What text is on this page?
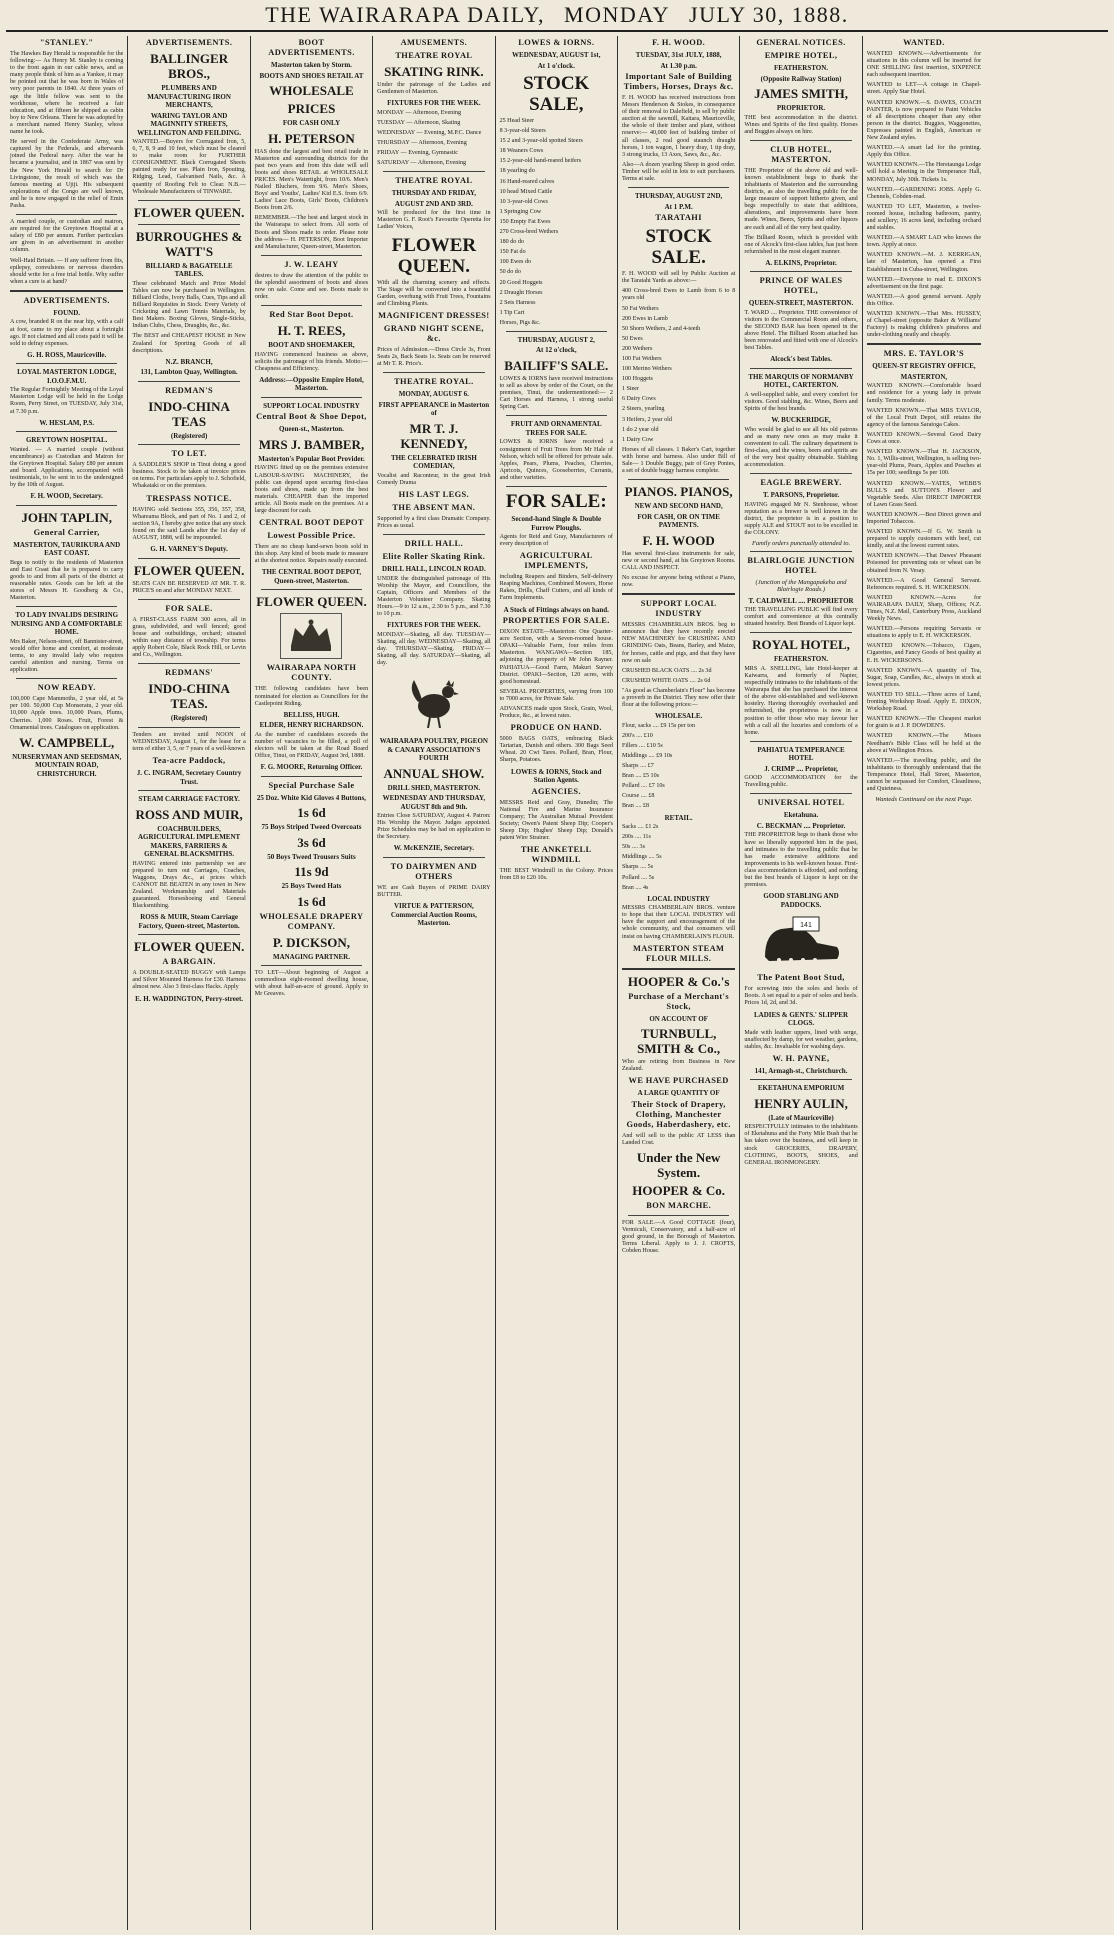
THE WAIRARAPA DAILY, MONDAY JULY 30, 1888.
"STANLEY."

The Hawkes Bay Herald is responsible for the following:— As Henry M. Stanley is coming to the front again in our cable news, and as many people think of him as a Yankee, it may be pointed out that he was born in Wales of very poor parents in 1840. At three years of age the little fellow was sent to the workhouse, where he received a fair education, and at fifteen he shipped as cabin boy to New Orleans. There he was adopted by a merchant named Henry Stanley, whose name he took.

He served in the Confederate Army, was captured by the Federals, and afterwards joined the Federal navy. After the war he became a journalist, and in 1867 was sent by the New York Herald to search for Dr Livingstone, the result of which was the famous meeting at Ujiji. His subsequent explorations of the Congo are well known, and he is now engaged in the relief of Emin Pasha.

A married couple, or custodian and matron, are required for the Greytown Hospital at a salary of £80 per annum. Further particulars are given in an advertisement in another column.

Well-Haid Britain. — If any sufferer from fits, epilepsy, convulsions or nervous disorders should write for a free trial bottle. Why suffer when a cure is at hand?

ADVERTISEMENTS.
FOUND.

A cow, branded R on the near hip, with a calf at foot, came to my place about a fortnight ago. If not claimed and all costs paid it will be sold to defray expenses.

G. H. ROSS, Mauriceville.
LOYAL MASTERTON LODGE, I.O.O.F.M.U.

The Regular Fortnightly Meeting of the Loyal Masterton Lodge will be held in the Lodge Room, Perry Street, on TUESDAY, July 31st, at 7.30 p.m.

W. HESLAM, P.S.
GREYTOWN HOSPITAL.

Wanted. — A married couple (without encumbrance) as Custodian and Matron for the Greytown Hospital. Salary £80 per annum and board. Applications, accompanied with testimonials, to be sent in to the undersigned by the 10th of August.

F. H. WOOD, Secretary.
JOHN TAPLIN,
General Carrier,
MASTERTON, TAURIKURA AND EAST COAST.

Begs to notify to the residents of Masterton and East Coast that he is prepared to carry goods to and from all parts of the district at reasonable rates. Goods can be left at the stores of Messrs H. Goodberg & Co., Masterton.

TO LADY INVALIDS DESIRING NURSING AND A COMFORTABLE HOME.

Mrs Baker, Nelson-street, off Bannister-street, would offer home and comfort, at moderate terms, to any invalid lady who requires careful attention and nursing. Terms on application.

NOW READY.

100,000 Cape Mammoths, 2 year old, at 5s per 100. 50,000 Cup Monseratu, 2 year old. 10,000 Apple trees. 10,000 Pears, Plums, Cherries. 1,000 Roses. Fruit, Forest & Ornamental trees. Catalogues on application.

W. CAMPBELL,
NURSERYMAN AND SEEDSMAN, MOUNTAIN ROAD, CHRISTCHURCH.
ADVERTISEMENTS.
BALLINGER BROS.,
PLUMBERS AND MANUFACTURING IRON MERCHANTS,
WARING TAYLOR AND MAGINNITY STREETS, WELLINGTON AND FEILDING.

WANTED.—Buyers for Corrugated Iron, 5, 6, 7, 8, 9 and 10 feet, which must be cleared to make room for FURTHER CONSIGNMENT. Black Corrugated Sheets painted ready for use. Plain Iron, Spouting, Ridging, Lead, Galvanised Nails, &c. A quantity of Roofing Felt to Clear. N.B.—Wholesale Manufacturers of TINWARE.

FLOWER QUEEN.
BURROUGHES & WATT'S
BILLIARD & BAGATELLE TABLES.

These celebrated Match and Prize Model Tables can now be purchased in Wellington. Billiard Cloths, Ivory Balls, Cues, Tips and all Billiard Requisites in Stock. Every Variety of Cricketing and Lawn Tennis Materials, by Best Makers. Boxing Gloves, Single-Sticks, Indian Clubs, Chess, Draughts, &c., &c.

The BEST and CHEAPEST HOUSE in New Zealand for Sporting Goods of all descriptions.

N.Z. BRANCH,
131, Lambton Quay, Wellington.
REDMAN'S
INDO-CHINA TEAS
(Registered)
TO LET.

A SADDLER'S SHOP in Tinui doing a good business. Stock to be taken at invoice prices on terms. For particulars apply to J. Schofield, Whakataki or on the premises.

TRESPASS NOTICE.

HAVING sold Sections 355, 356, 357, 358, Whareama Block, and part of No. 1 and 2, of section 9A, I hereby give notice that any stock found on the said Lands after the 1st day of AUGUST, 1888, will be impounded.

G. H. VARNEY'S Deputy.
FLOWER QUEEN.

SEATS CAN BE RESERVED AT MR. T. R. PRICE'S on and after MONDAY NEXT.

FOR SALE.

A FIRST-CLASS FARM 300 acres, all in grass, subdivided, and well fenced; good house and outbuildings, orchard; situated within easy distance of township. For terms apply Robert Cole, Black Rock Hill, or Levin and Co., Wellington.

REDMANS'
INDO-CHINA TEAS.
(Registered)

Tenders are invited until NOON of WEDNESDAY, August 1, for the lease for a term of either 3, 5, or 7 years of a well-known

Tea-acre Paddock,
J. C. INGRAM, Secretary Country Trust.
STEAM CARRIAGE FACTORY.
ROSS AND MUIR,
COACHBUILDERS, AGRICULTURAL IMPLEMENT MAKERS, FARRIERS & GENERAL BLACKSMITHS.

HAVING entered into partnership we are prepared to turn out Carriages, Coaches, Waggons, Drays &c., at prices which CANNOT BE BEATEN in any town in New Zealand. Workmanship and Materials guaranteed. Horseshoeing and General Blacksmithing.

ROSS & MUIR, Steam Carriage Factory, Queen-street, Masterton.
FLOWER QUEEN.
A BARGAIN.

A DOUBLE-SEATED BUGGY with Lamps and Silver Mounted Harness for £30. Harness almost new. Also 3 first-class Hacks. Apply

E. H. WADDINGTON, Perry-street.
BOOT ADVERTISEMENTS.
Masterton taken by Storm.
BOOTS AND SHOES RETAIL AT
WHOLESALE
PRICES
FOR CASH ONLY
H. PETERSON

HAS done the largest and best retail trade in Masterton and surrounding districts for the past two years and from this date will sell boots and shoes RETAIL at WHOLESALE PRICES. Men's Watertight, from 10/6. Men's Nailed Bluchers, from 9/6. Men's Shoes, Boys' and Youths', Ladies' Kid E.S. from 6/9. Ladies' Lace Boots, Girls' Boots, Children's Boots from 2/6.

REMEMBER.—The best and largest stock in the Wairarapa to select from. All sorts of Boots and Shoes made to order. Please note the address— H. PETERSON, Boot Importer and Manufacturer, Queen-street, Masterton.

J. W. LEAHY

desires to draw the attention of the public to the splendid assortment of boots and shoes now on sale. Come and see. Boots made to order.

Red Star Boot Depot.
H. T. REES,
BOOT AND SHOEMAKER,

HAVING commenced business as above, solicits the patronage of his friends. Motto:—Cheapness and Efficiency.

Address:—Opposite Empire Hotel, Masterton.
SUPPORT LOCAL INDUSTRY
Central Boot & Shoe Depot,
Queen-st., Masterton.
MRS J. BAMBER,
Masterton's Popular Boot Provider.

HAVING fitted up on the premises extensive LABOUR-SAVING MACHINERY, the public can depend upon securing first-class boots and shoes, made up from the best materials. CHEAPER than the imported article. All Boots made on the premises. At a large discount for cash.

CENTRAL BOOT DEPOT
Lowest Possible Price.

There are no cheap hand-sewn boots sold in this shop. Any kind of boots made to measure at the shortest notice. Repairs neatly executed.

THE CENTRAL BOOT DEPOT, Queen-street, Masterton.
FLOWER QUEEN.
WAIRARAPA NORTH COUNTY.

THE following candidates have been nominated for election as Councillors for the Castlepoint Riding.

BELLISS, HUGH.
ELDER, HENRY RICHARDSON.

As the number of candidates exceeds the number of vacancies to be filled, a poll of electors will be taken at the Road Board Office, Tinui, on FRIDAY, August 3rd, 1888.

F. G. MOORE, Returning Officer.
Special Purchase Sale
25 Doz. White Kid Gloves 4 Buttons,
1s 6d
75 Boys Striped Tweed Overcoats
3s 6d
50 Boys Tweed Trousers Suits
11s 9d
25 Boys Tweed Hats
1s 6d
WHOLESALE DRAPERY COMPANY.
P. DICKSON,
MANAGING PARTNER.

TO LET—About beginning of August a commodious eight-roomed dwelling house, with about half-an-acre of ground. Apply to Mr Greaves.

AMUSEMENTS.
THEATRE ROYAL
SKATING RINK.

Under the patronage of the Ladies and Gentlemen of Masterton.

FIXTURES FOR THE WEEK.

MONDAY — Afternoon, Evening

TUESDAY — Afternoon, Skating

WEDNESDAY — Evening, M.P.C. Dance

THURSDAY — Afternoon, Evening

FRIDAY — Evening, Gymnastic

SATURDAY — Afternoon, Evening

THEATRE ROYAL
THURSDAY AND FRIDAY,
AUGUST 2ND AND 3RD.

Will be produced for the first time in Masterton G. F. Root's Favourite Operetta for Ladies' Voices,

FLOWER QUEEN.

With all the charming scenery and effects. The Stage will be converted into a beautiful Garden, overhung with Fruit Trees, Fountains and Climbing Plants.

MAGNIFICENT DRESSES!
GRAND NIGHT SCENE, &c.

Prices of Admission.—Dress Circle 3s, Front Seats 2s, Back Seats 1s. Seats can be reserved at Mr T. R. Price's.

THEATRE ROYAL.
MONDAY, AUGUST 6.
FIRST APPEARANCE in Masterton of
MR T. J. KENNEDY,
THE CELEBRATED IRISH COMEDIAN,

Vocalist and Raconteur, in the great Irish Comedy Drama

HIS LAST LEGS.
THE ABSENT MAN.

Supported by a first class Dramatic Company. Prices as usual.

DRILL HALL.
Elite Roller Skating Rink.
DRILL HALL, LINCOLN ROAD.

UNDER the distinguished patronage of His Worship the Mayor, and Councillors, the Captain, Officers and Members of the Masterton Volunteer Company. Skating Hours.—9 to 12 a.m., 2.30 to 5 p.m., and 7.30 to 10 p.m.

FIXTURES FOR THE WEEK.

MONDAY—Skating, all day. TUESDAY—Skating, all day. WEDNESDAY—Skating, all day. THURSDAY—Skating. FRIDAY—Skating, all day. SATURDAY—Skating, all day.

WAIRARAPA POULTRY, PIGEON & CANARY ASSOCIATION'S FOURTH
ANNUAL SHOW.
DRILL SHED, MASTERTON.
WEDNESDAY AND THURSDAY, AUGUST 8th and 9th.

Entries Close SATURDAY, August 4. Patron: His Worship the Mayor. Judges appointed. Prize Schedules may be had on application to the Secretary.

W. McKENZIE, Secretary.
TO DAIRYMEN AND OTHERS

WE are Cash Buyers of PRIME DAIRY BUTTER.

VIRTUE & PATTERSON, Commercial Auction Rooms, Masterton.
LOWES & IORNS.
WEDNESDAY, AUGUST 1st,
At 1 o'clock.
STOCK SALE,

25 Head Steer

8 3-year-old Steers

15 2 and 3-year-old spotted Steers

18 Weaners Cows

15 2-year-old hand-reared heifers

18 yearling do

16 Hand-reared calves

10 head Mixed Cattle

10 3-year-old Cows

1 Springing Cow

150 Empty Fat Ewes

270 Cross-bred Wethers

180 do do

150 Fat do

100 Ewes do

50 do do

20 Good Hoggets

2 Draught Horses

2 Sets Harness

1 Tip Cart

Horses, Pigs &c.

THURSDAY, AUGUST 2,
At 12 o'clock,
BAILIFF'S SALE.

LOWES & IORNS have received instructions to sell as above by order of the Court, on the premises, Tinui, the undermentioned:— 2 Cart Horses and Harness, 1 strong useful Spring Cart.

FRUIT AND ORNAMENTAL TREES FOR SALE.

LOWES & IORNS have received a consignment of Fruit Trees from Mr Hale of Nelson, which will be offered for private sale. Apples, Pears, Plums, Peaches, Cherries, Apricots, Quinces, Gooseberries, Currants, and other varieties.

FOR SALE:
Second-hand Single & Double Furrow Ploughs.

Agents for Reid and Gray, Manufacturers of every description of

AGRICULTURAL IMPLEMENTS,

including Reapers and Binders, Self-delivery Reaping Machines, Combined Mowers, Horse Rakes, Drills, Chaff Cutters, and all kinds of Farm Implements.

A Stock of Fittings always on hand.
PROPERTIES FOR SALE.

DIXON ESTATE—Masterton: One Quarter-acre Section, with a Seven-roomed house. OPAKI—Valuable Farm, four miles from Masterton. WANGAWA—Section 185, adjoining the property of Mr John Rayner. PAHIATUA—Good Farm, Makuri Survey District. OPAKI—Section, 120 acres, with good homestead.

SEVERAL PROPERTIES, varying from 100 to 7000 acres, for Private Sale.

ADVANCES made upon Stock, Grain, Wool, Produce, &c., at lowest rates.

PRODUCE ON HAND.

5000 BAGS OATS, embracing Black Tartarian, Danish and others. 300 Bags Seed Wheat. 20 Cwt Tares. Pollard, Bran, Flour, Sharps, Potatoes.

LOWES & IORNS, Stock and Station Agents.
AGENCIES.

MESSRS Reid and Gray, Dunedin; The National Fire and Marine Insurance Company; The Australian Mutual Provident Society; Owen's Patent Sheep Dip; Cooper's Sheep Dip; Hughes' Sheep Dip; Donald's patent Wire Strainer.

THE ANKETELL WINDMILL

THE BEST Windmill in the Colony. Prices from £8 to £20 10s.

F. H. WOOD.
TUESDAY, 31st JULY, 1888,
At 1.30 p.m.
Important Sale of Building Timbers, Horses, Drays &c.

F. H. WOOD has received instructions from Messrs Henderson & Stokes, in consequence of their removal to Dalefield, to sell by public auction at the sawmill, Kaitara, Mauriceville, the whole of their timber and plant, without reserve:— 40,000 feet of building timber of all classes, 2 real good staunch draught horses, 1 ton wagon, 1 heavy dray, 1 tip dray, 3 strong trucks, 13 Axes, Saws, &c., &c.

Also—A dozen yearling Sheep in good order. Timber will be sold in lots to suit purchasers. Terms at sale.

THURSDAY, AUGUST 2ND,
At 1 P.M.
TARATAHI
STOCK SALE.

F. H. WOOD will sell by Public Auction at the Taratahi Yards as above:—

400 Cross-bred Ewes to Lamb from 6 to 8 years old

50 Fat Wethers

200 Ewes in Lamb

50 Shorn Wethers, 2 and 4-teeth

50 Ewes

200 Wethers

100 Fat Wethers

100 Merino Wethers

100 Hoggets

1 Steer

6 Dairy Cows

2 Steers, yearling

3 Heifers, 2 year old

1 do 2 year old

1 Dairy Cow

Horses of all classes. 1 Baker's Cart, together with horse and harness. Also under Bill of Sale— 1 Double Buggy, pair of Grey Ponies, a set of double buggy harness complete.

PIANOS. PIANOS,
NEW AND SECOND HAND,
FOR CASH, OR ON TIME PAYMENTS.
F. H. WOOD

Has several first-class instruments for sale, new or second hand, at his Greytown Rooms. CALL AND INSPECT.

No excuse for anyone being without a Piano, now.

SUPPORT LOCAL INDUSTRY

MESSRS CHAMBERLAIN BROS. beg to announce that they have recently erected NEW MACHINERY for CRUSHING AND GRINDING Oats, Beans, Barley, and Maize, for horses, cattle and pigs, and that they have now on sale

CRUSHED BLACK OATS .... 2s 3d

CRUSHED WHITE OATS .... 2s 6d

"As good as Chamberlain's Flour" has become a proverb in the District. They now offer their flour at the following prices:—

WHOLESALE.

Flour, sacks .... £9 15s per ton

200's .... £10

Fillers .... £10 5s

Middlings .... £9 10s

Sharps .... £7

Bran .... £5 10s

Pollard .... £7 10s

Course .... £8

Bran .... £8

RETAIL.

Sacks .... £1 2s

200s .... 11s

50s .... 3s

Middlings .... 5s

Sharps .... 5s

Pollard .... 5s

Bran .... 4s

LOCAL INDUSTRY

MESSRS CHAMBERLAIN BROS. venture to hope that their LOCAL INDUSTRY will have the support and encouragement of the whole community, and that consumers will insist on having CHAMBERLAIN'S FLOUR.

MASTERTON STEAM FLOUR MILLS.
HOOPER & Co.'s
Purchase of a Merchant's Stock,
ON ACCOUNT OF
TURNBULL, SMITH & Co.,

Who are retiring from Business in New Zealand.

WE HAVE PURCHASED
A LARGE QUANTITY OF
Their Stock of Drapery, Clothing, Manchester Goods, Haberdashery, etc.

And will sell to the public AT LESS than Landed Cost.

Under the New System.
HOOPER & Co.
BON MARCHE.

FOR SALE.—A Good COTTAGE (four), Vermiculi, Conservatory, and a half-acre of good ground, in the Borough of Masterton. Terms Liberal. Apply to J. J. CROFTS, Cobden House.

GENERAL NOTICES.
EMPIRE HOTEL,
FEATHERSTON.
(Opposite Railway Station)
JAMES SMITH,
PROPRIETOR.

THE best accommodation in the district. Wines and Spirits of the first quality. Horses and Buggies always on hire.

CLUB HOTEL, MASTERTON.

THE Proprietor of the above old and well-known establishment begs to thank the inhabitants of Masterton and the surrounding districts, as also the travelling public for the large measure of support hitherto given, and begs respectfully to state that additions, alterations, and improvements have been made. Wines, Beers, Spirits and other liquors are each and all of the very best quality.

The Billiard Room, which is provided with one of Alcock's first-class tables, has just been refurnished in the most elegant manner.

A. ELKINS, Proprietor.
PRINCE OF WALES HOTEL,
QUEEN-STREET, MASTERTON.

T. WARD .... Proprietor. THE convenience of visitors to the Commercial Room and others, the SECOND BAR has been opened in the above Hotel. The Billiard Room attached has been renovated and fitted with one of Alcock's best Tables.

Alcock's best Tables.
THE MARQUIS OF NORMANBY HOTEL, CARTERTON.

A well-supplied table, and every comfort for visitors. Good stabling, &c. Wines, Beers and Spirits of the best brands.

W. BUCKERIDGE,

Who would be glad to see all his old patrons and as many new ones as may make it convenient to call. The culinary department is first-class, and the wines, beers and spirits are of the very best quality obtainable. Stabling accommodation.

EAGLE BREWERY.
T. PARSONS, Proprietor.

HAVING engaged Mr N. Stenhouse, whose reputation as a brewer is well known in the district, the proprietor is in a position to supply ALE and STOUT not to be excelled in the COLONY.

Family orders punctually attended to.

BLAIRLOGIE JUNCTION HOTEL

(Junction of the Mangapakeha and Blairlogie Roads.)

T. CALDWELL .... PROPRIETOR

THE TRAVELLING PUBLIC will find every comfort and convenience at this centrally situated hostelry. Best Brands of Liquor kept.

ROYAL HOTEL,
FEATHERSTON.

MRS A. SNELLING, late Hotel-keeper at Kaiwarra, and formerly of Napier, respectfully intimates to the inhabitants of the Wairarapa that she has purchased the interest of the above old-established and well-known hostelry. Having thoroughly overhauled and refurnished, the proprietress is now in a position to offer those who may favour her with a call all the luxuries and comforts of a home.

PAHIATUA TEMPERANCE HOTEL
J. CRIMP .... Proprietor,

GOOD ACCOMMODATION for the Travelling public.

UNIVERSAL HOTEL
Eketahuna.
C. BECKMAN .... Proprietor.

THE PROPRIETOR begs to thank those who have so liberally supported him in the past, and intimates to the travelling public that he has made extensive additions and improvements to his well-known house. First-class accommodation is afforded, and nothing but the best brands of Liquor is kept on the premises.

GOOD STABLING AND PADDOCKS.
141
The Patent Boot Stud,

For screwing into the soles and heels of Boots. A set equal to a pair of soles and heels. Prices 1d, 2d, and 3d.

LADIES & GENTS.' SLIPPER CLOGS.

Made with leather uppers, lined with serge, unaffected by damp, for wet weather, gardens, stables, &c. Invaluable for washing days.

W. H. PAYNE,
141, Armagh-st., Christchurch.
EKETAHUNA EMPORIUM
HENRY AULIN,
(Late of Mauriceville)

RESPECTFULLY intimates to the inhabitants of Eketahuna and the Forty Mile Bush that he has taken over the business, and will keep in stock GROCERIES, DRAPERY, CLOTHING, BOOTS, SHOES, and GENERAL IRONMONGERY.

WANTED.

WANTED KNOWN.—Advertisements for situations in this column will be inserted for ONE SHILLING first insertion, SIXPENCE each subsequent insertion.

WANTED to LET—A cottage in Chapel-street. Apply Star Hotel.

WANTED KNOWN.—S. DAWES, COACH PAINTER, is now prepared to Paint Vehicles of all descriptions cheaper than any other person in the district. Buggies, Waggonettes, Expresses painted in English, American or New Zealand styles.

WANTED.—A smart lad for the printing. Apply this Office.

WANTED KNOWN.—The Heretaunga Lodge will hold a Meeting in the Temperance Hall, MONDAY, July 30th. Tickets 1s.

WANTED.—GARDENING JOBS. Apply G. Chennels, Cobden-road.

WANTED TO LET, Masterton, a twelve-roomed house, including bathroom, pantry, and scullery; 16 acres land, including orchard and stables.

WANTED.—A SMART LAD who knows the town. Apply at once.

WANTED KNOWN.—M. J. KERRIGAN, late of Masterton, has opened a First Establishment in Cuba-street, Wellington.

WANTED.—Everyone to read E. DIXON'S advertisement on the first page.

WANTED.—A good general servant. Apply this Office.

WANTED KNOWN.—That Mrs. HUSSEY, of Chapel-street (opposite Baker & Williams' Factory) is making children's pinafores and under-clothing neatly and cheaply.

MRS. E. TAYLOR'S
QUEEN-ST REGISTRY OFFICE,
MASTERTON,

WANTED KNOWN.—Comfortable board and residence for a young lady in private family. Terms moderate.

WANTED KNOWN.—That MRS TAYLOR, of the Local Fruit Depot, still retains the agency of the famous Saratoga Cakes.

WANTED KNOWN.—Several Good Dairy Cows at once.

WANTED KNOWN.—That H. JACKSON, No. 1, Willis-street, Wellington, is selling two-year-old Plums, Pears, Apples and Peaches at 15s per 100; seedlings 5s per 100.

WANTED KNOWN.—YATES, WEBB'S BULL'S and SUTTON'S Flower and Vegetable Seeds. Also DIRECT IMPORTER of Lawn Grass Seed.

WANTED KNOWN.—Best Direct grown and Imported Tobaccos.

WANTED KNOWN.—If G. W. Smith is prepared to supply customers with beef, cut kindly, and at the lowest current rates.

WANTED KNOWN.—That Dawes' Pheasant Poisoned for preventing rats or wheat can be obtained from N. Vesay.

WANTED.—A Good General Servant. References required. S. H. WICKERSON.

WANTED KNOWN.—Acres for WAIRARAPA DAILY, Sharp, Offices; N.Z. Times, N.Z. Mail, Canterbury Press, Auckland Weekly News.

WANTED.—Persons requiring Servants or situations to apply to E. H. WICKERSON.

WANTED KNOWN.—Tobacco, Cigars, Cigarettes, and Fancy Goods of best quality at E. H. WICKERSON'S.

WANTED KNOWN.—A quantity of Tea, Sugar, Soap, Candles, &c., always in stock at lowest prices.

WANTED TO SELL.—Three acres of Land, fronting Workshop Road. Apply E. DIXON, Workshop Road.

WANTED KNOWN.—The Cheapest market for grain is at J. P. DOWDEN'S.

WANTED KNOWN.—The Misses Needham's Bible Class will be held at the above at Wellington Prices.

WANTED.—The travelling public, and the inhabitants to thoroughly understand that the Temperance Hotel, Hall Street, Masterton, cannot be surpassed for Comfort, Cleanliness, and Quietness.

Wanteds Continued on the next Page.
